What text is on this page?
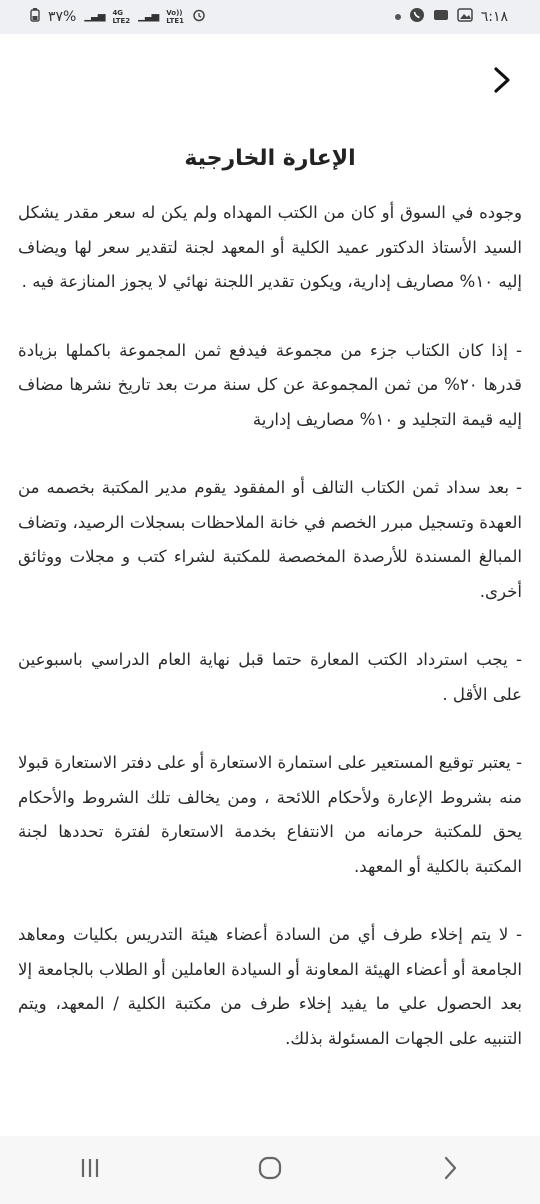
٣٧% ▁▃▅ 4G
LTE2 ▁▃▅ Vo))
LTE1	٦:١٨
الإعارة الخارجية

وجوده في السوق أو كان من الكتب المهداه ولم يكن له سعر مقدر يشكل السيد الأستاذ الدكتور عميد الكلية أو المعهد لجنة لتقدير سعر لها ويضاف إليه ١٠% مصاريف إدارية، ويكون تقدير اللجنة نهائي لا يجوز المنازعة فيه .

- إذا كان الكتاب جزء من مجموعة فيدفع ثمن المجموعة باكملها بزيادة قدرها ٢٠% من ثمن المجموعة عن كل سنة مرت بعد تاريخ نشرها مضاف إليه قيمة التجليد و ١٠% مصاريف إدارية

- بعد سداد ثمن الكتاب التالف أو المفقود يقوم مدير المكتبة بخصمه من العهدة وتسجيل مبرر الخصم في خانة الملاحظات بسجلات الرصيد، وتضاف المبالغ المسندة للأرصدة المخصصة للمكتبة لشراء كتب و مجلات ووثائق أخرى.

- يجب استرداد الكتب المعارة حتما قبل نهاية العام الدراسي باسبوعين على الأقل .

- يعتبر توقيع المستعير على استمارة الاستعارة أو على دفتر الاستعارة قبولا منه بشروط الإعارة ولأحكام اللائحة ، ومن يخالف تلك الشروط والأحكام يحق للمكتبة حرمانه من الانتفاع بخدمة الاستعارة لفترة تحددها لجنة المكتبة بالكلية أو المعهد.

- لا يتم إخلاء طرف أي من السادة أعضاء هيئة التدريس بكليات ومعاهد الجامعة أو أعضاء الهيئة المعاونة أو السيادة العاملين أو الطلاب بالجامعة إلا بعد الحصول علي ما يفيد إخلاء طرف من مكتبة الكلية / المعهد، ويتم التنبيه على الجهات المسئولة بذلك.
